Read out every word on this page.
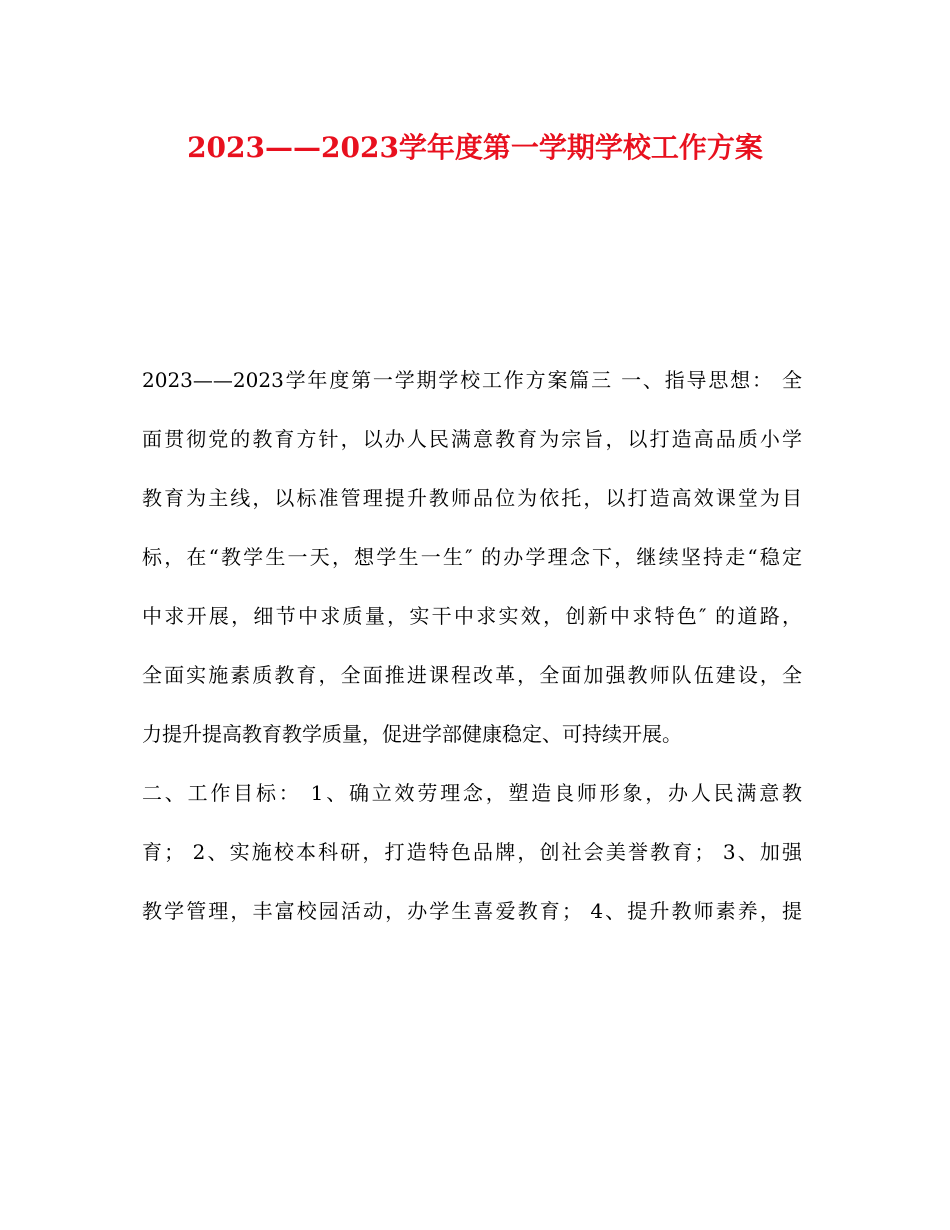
2023——2023学年度第一学期学校工作方案
2023——2023学年度第一学期学校工作方案篇三 一、指导思想： 全
面贯彻党的教育方针，以办人民满意教育为宗旨，以打造高品质小学
教育为主线，以标准管理提升教师品位为依托，以打造高效课堂为目
标，在“教学生一天，想学生一生″ 的办学理念下，继续坚持走“稳定
中求开展，细节中求质量，实干中求实效，创新中求特色″ 的道路，
全面实施素质教育，全面推进课程改革，全面加强教师队伍建设，全
力提升提高教育教学质量，促进学部健康稳定、可持续开展。
二、工作目标： 1、确立效劳理念，塑造良师形象，办人民满意教
育； 2、实施校本科研，打造特色品牌，创社会美誉教育； 3、加强
教学管理，丰富校园活动，办学生喜爱教育； 4、提升教师素养，提
